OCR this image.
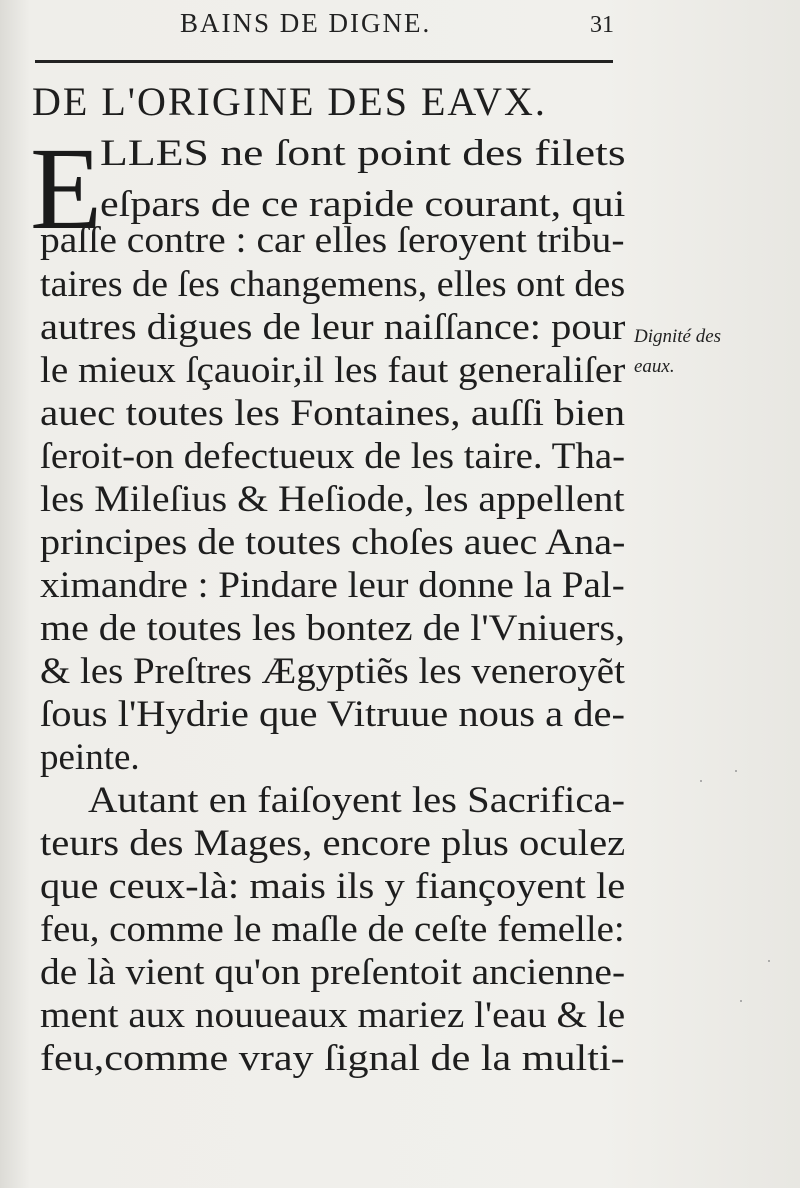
BAINS DE DIGNE.	31
DE L'ORIGINE DES EAVX.
E
LLES ne ſont point des filets
eſpars de ce rapide courant, qui
paſſe contre : car elles ſeroyent tribu-
taires de ſes changemens, elles ont des
autres digues de leur naiſſance: pour
le mieux ſçauoir,il les faut generaliſer
auec toutes les Fontaines, auſſi bien
ſeroit-on defectueux de les taire. Tha-
les Mileſius & Heſiode, les appellent
principes de toutes choſes auec Ana-
ximandre : Pindare leur donne la Pal-
me de toutes les bontez de l'Vniuers,
& les Preſtres Ægyptiẽs les veneroyẽt
ſous l'Hydrie que Vitruue nous a de-
peinte.
Autant en faiſoyent les Sacrifica-
teurs des Mages, encore plus oculez
que ceux-là: mais ils y fiançoyent le
feu, comme le maſle de ceſte femelle:
de là vient qu'on preſentoit ancienne-
ment aux nouueaux mariez l'eau & le
feu,comme vray ſignal de la multi-
Dignité des
eaux.
